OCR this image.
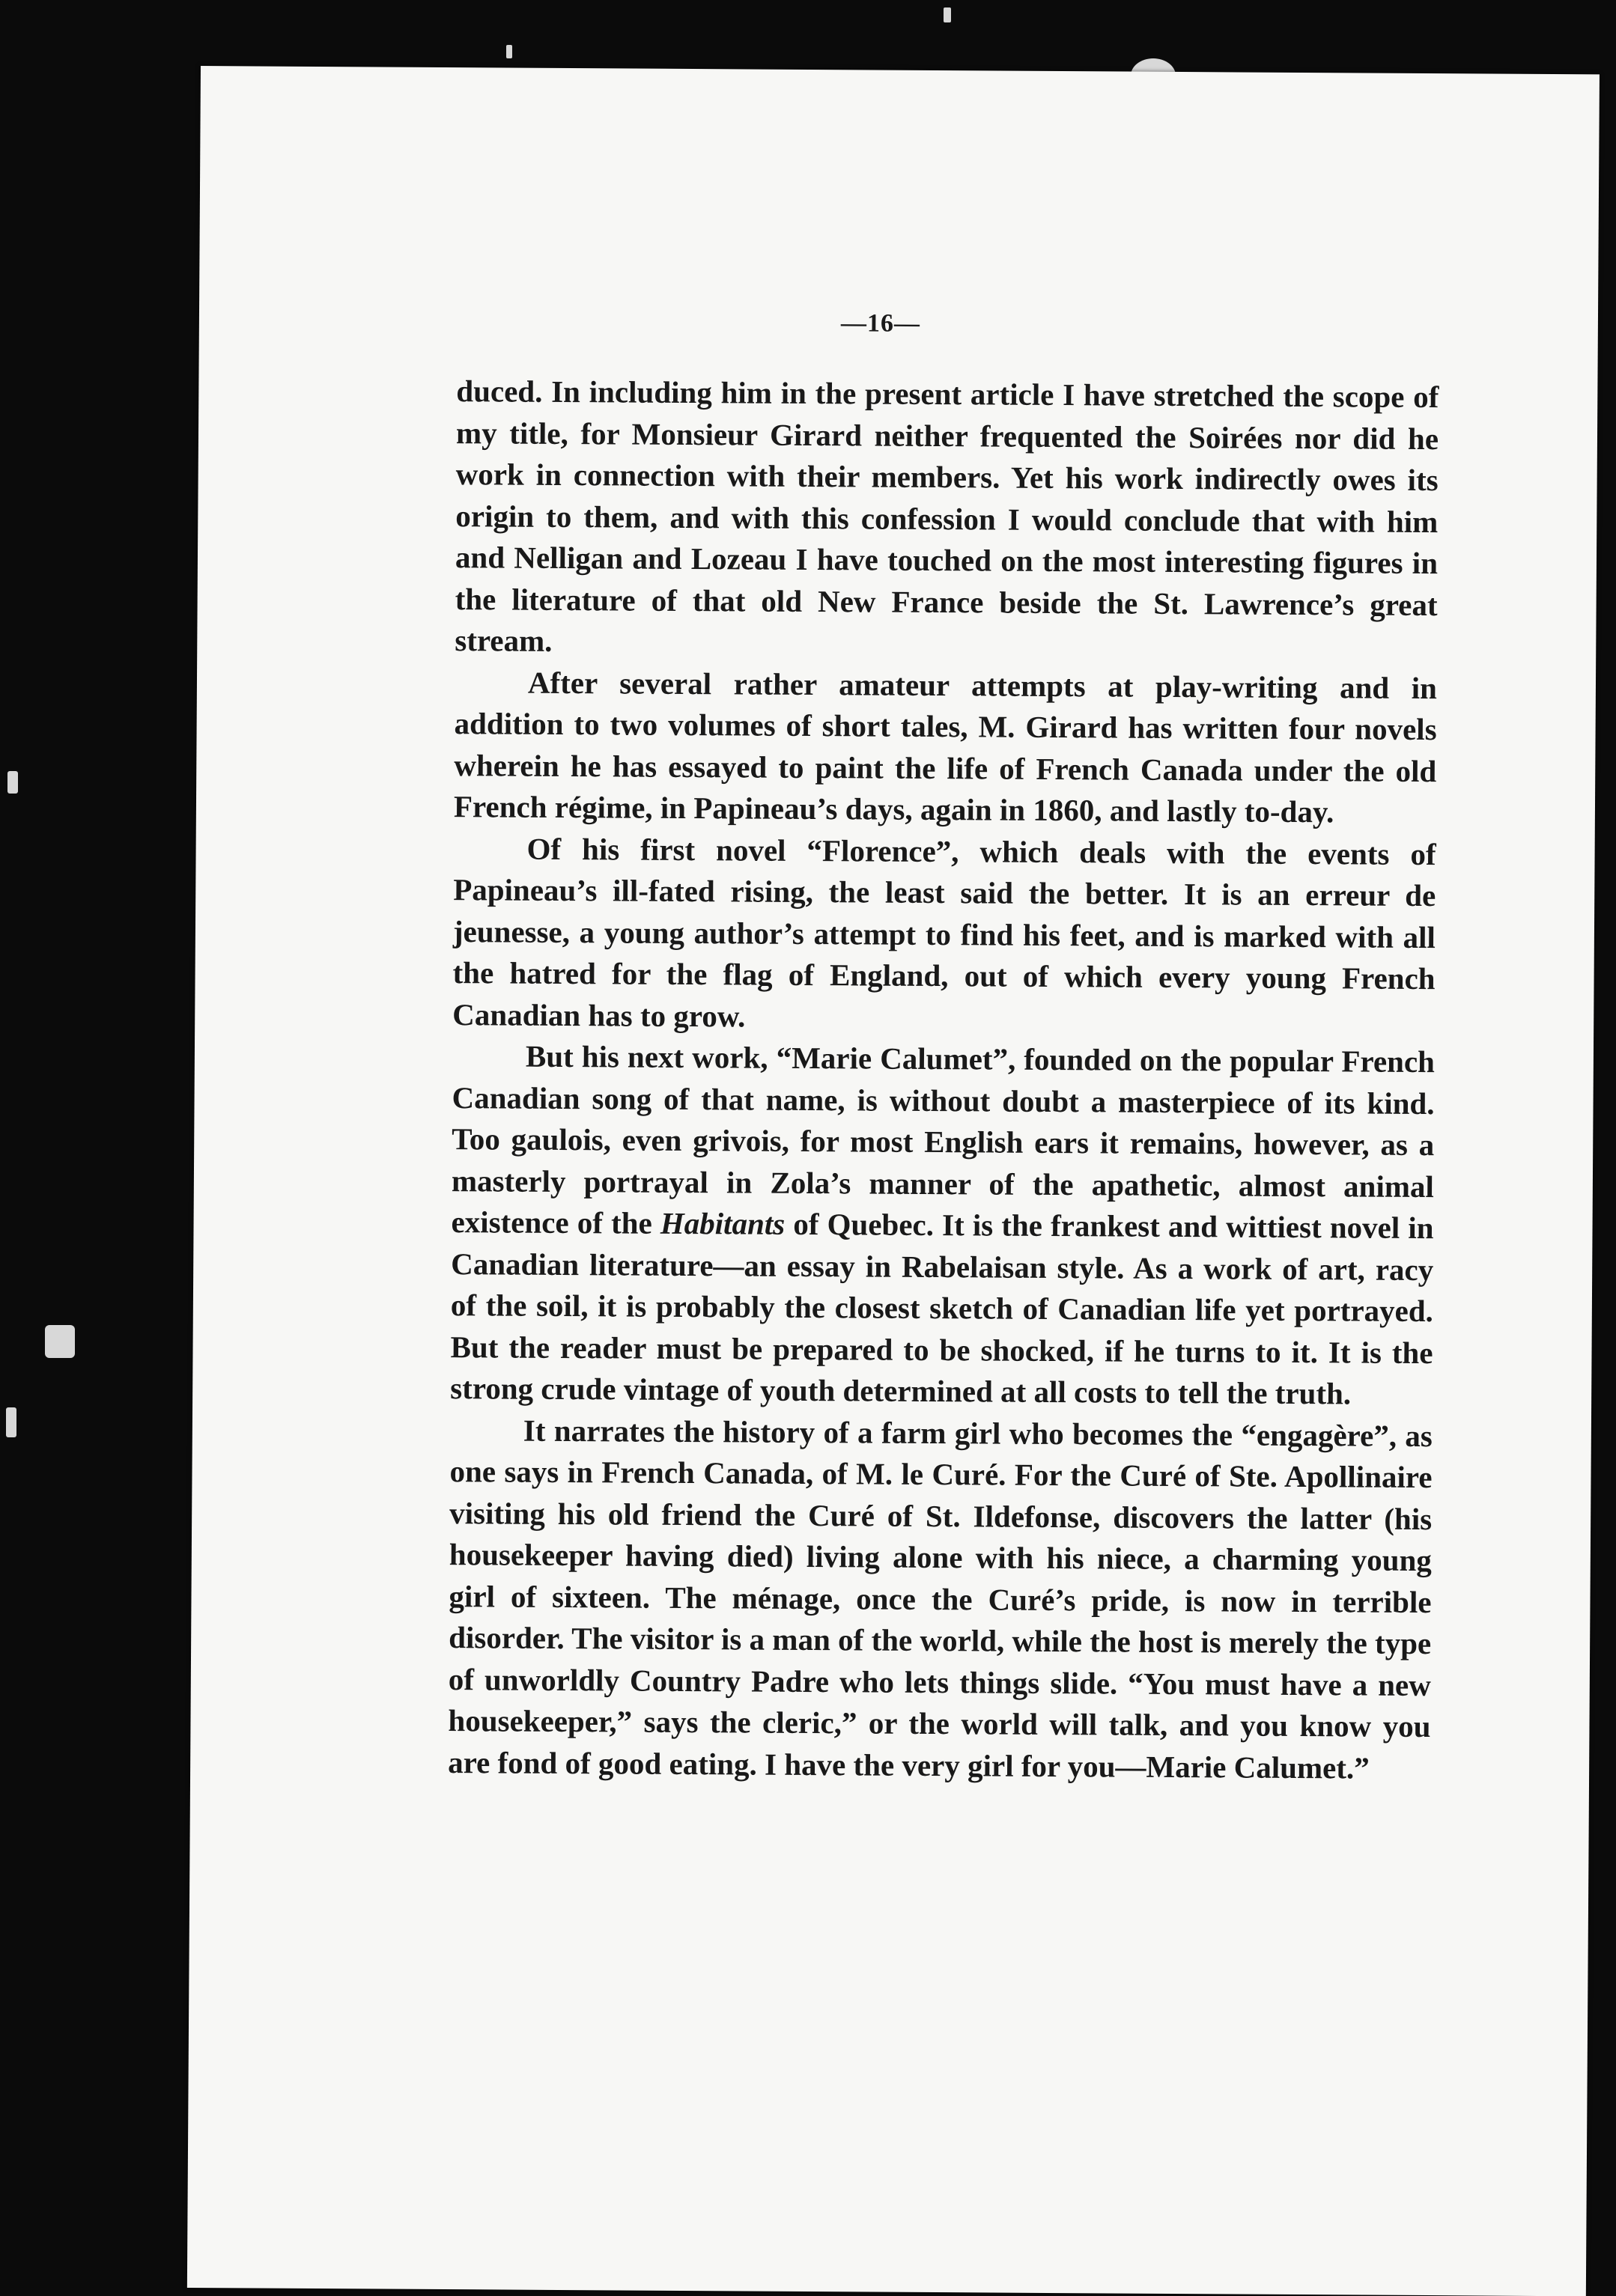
—16—

duced. In including him in the present article I have stretched the scope of my title, for Monsieur Girard neither frequented the Soirées nor did he work in connection with their members. Yet his work indirectly owes its origin to them, and with this confession I would conclude that with him and Nelligan and Lozeau I have touched on the most interesting figures in the literature of that old New France beside the St. Lawrence’s great stream.

After several rather amateur attempts at play-writing and in addition to two volumes of short tales, M. Girard has written four novels wherein he has essayed to paint the life of French Canada under the old French régime, in Papineau’s days, again in 1860, and lastly to-day.

Of his first novel “Florence”, which deals with the events of Papineau’s ill-fated rising, the least said the better. It is an erreur de jeunesse, a young author’s attempt to find his feet, and is marked with all the hatred for the flag of England, out of which every young French Canadian has to grow.

But his next work, “Marie Calumet”, founded on the popular French Canadian song of that name, is without doubt a masterpiece of its kind. Too gaulois, even grivois, for most English ears it remains, however, as a masterly portrayal in Zola’s manner of the apathetic, almost animal existence of the Habitants of Quebec. It is the frankest and wittiest novel in Canadian literature—an essay in Rabelaisan style. As a work of art, racy of the soil, it is probably the closest sketch of Canadian life yet portrayed. But the reader must be prepared to be shocked, if he turns to it. It is the strong crude vintage of youth determined at all costs to tell the truth.

It narrates the history of a farm girl who becomes the “engagère”, as one says in French Canada, of M. le Curé. For the Curé of Ste. Apollinaire visiting his old friend the Curé of St. Ildefonse, discovers the latter (his housekeeper having died) living alone with his niece, a charming young girl of sixteen. The ménage, once the Curé’s pride, is now in terrible disorder. The visitor is a man of the world, while the host is merely the type of unworldly Country Padre who lets things slide. “You must have a new housekeeper,” says the cleric,” or the world will talk, and you know you are fond of good eating. I have the very girl for you—Marie Calumet.”
